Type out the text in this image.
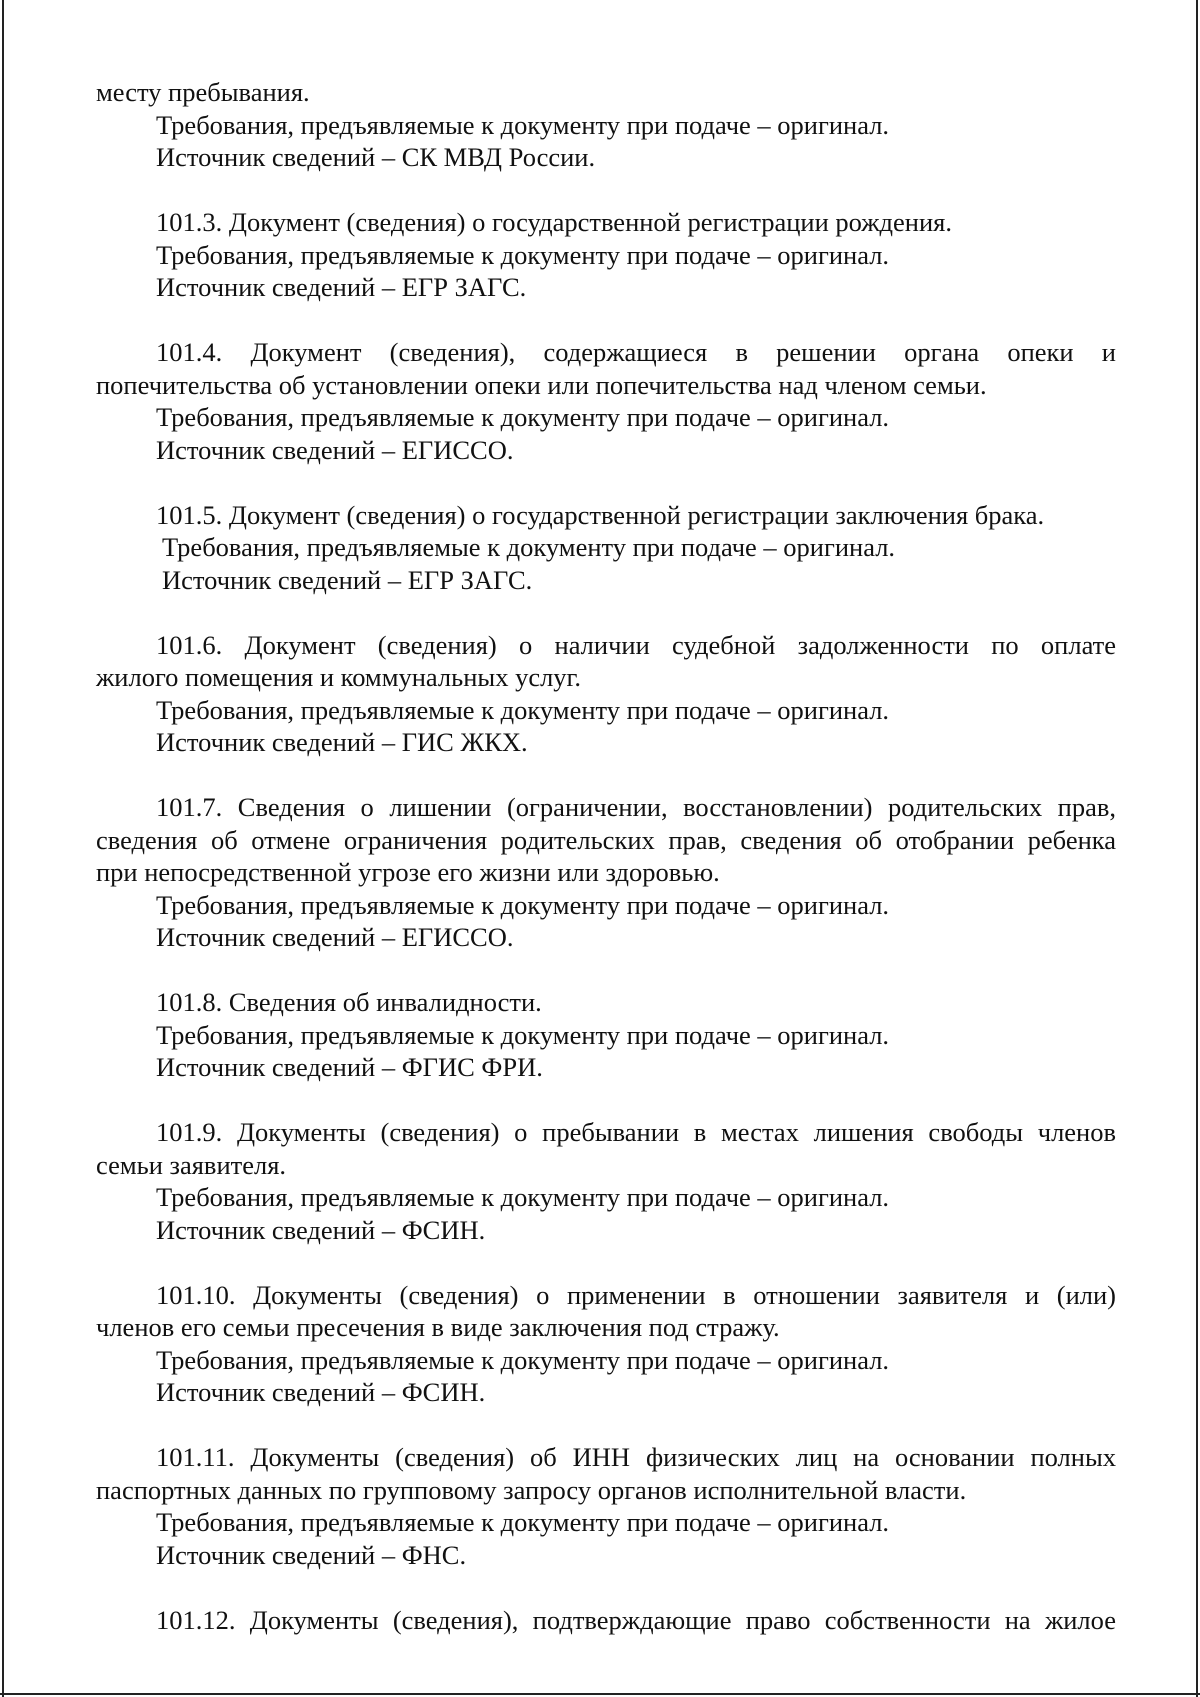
месту пребывания.
Требования, предъявляемые к документу при подаче – оригинал.
Источник сведений – СК МВД России.
101.3. Документ (сведения) о государственной регистрации рождения.
Требования, предъявляемые к документу при подаче – оригинал.
Источник сведений – ЕГР ЗАГС.
101.4. Документ (сведения), содержащиеся в решении органа опеки и
попечительства об установлении опеки или попечительства над членом семьи.
Требования, предъявляемые к документу при подаче – оригинал.
Источник сведений – ЕГИССО.
101.5. Документ (сведения) о государственной регистрации заключения брака.
Требования, предъявляемые к документу при подаче – оригинал.
Источник сведений – ЕГР ЗАГС.
101.6. Документ (сведения) о наличии судебной задолженности по оплате
жилого помещения и коммунальных услуг.
Требования, предъявляемые к документу при подаче – оригинал.
Источник сведений – ГИС ЖКХ.
101.7. Сведения о лишении (ограничении, восстановлении) родительских прав,
сведения об отмене ограничения родительских прав, сведения об отобрании ребенка
при непосредственной угрозе его жизни или здоровью.
Требования, предъявляемые к документу при подаче – оригинал.
Источник сведений – ЕГИССО.
101.8. Сведения об инвалидности.
Требования, предъявляемые к документу при подаче – оригинал.
Источник сведений – ФГИС ФРИ.
101.9. Документы (сведения) о пребывании в местах лишения свободы членов
семьи заявителя.
Требования, предъявляемые к документу при подаче – оригинал.
Источник сведений – ФСИН.
101.10. Документы (сведения) о применении в отношении заявителя и (или)
членов его семьи пресечения в виде заключения под стражу.
Требования, предъявляемые к документу при подаче – оригинал.
Источник сведений – ФСИН.
101.11. Документы (сведения) об ИНН физических лиц на основании полных
паспортных данных по групповому запросу органов исполнительной власти.
Требования, предъявляемые к документу при подаче – оригинал.
Источник сведений – ФНС.
101.12. Документы (сведения), подтверждающие право собственности на жилое
